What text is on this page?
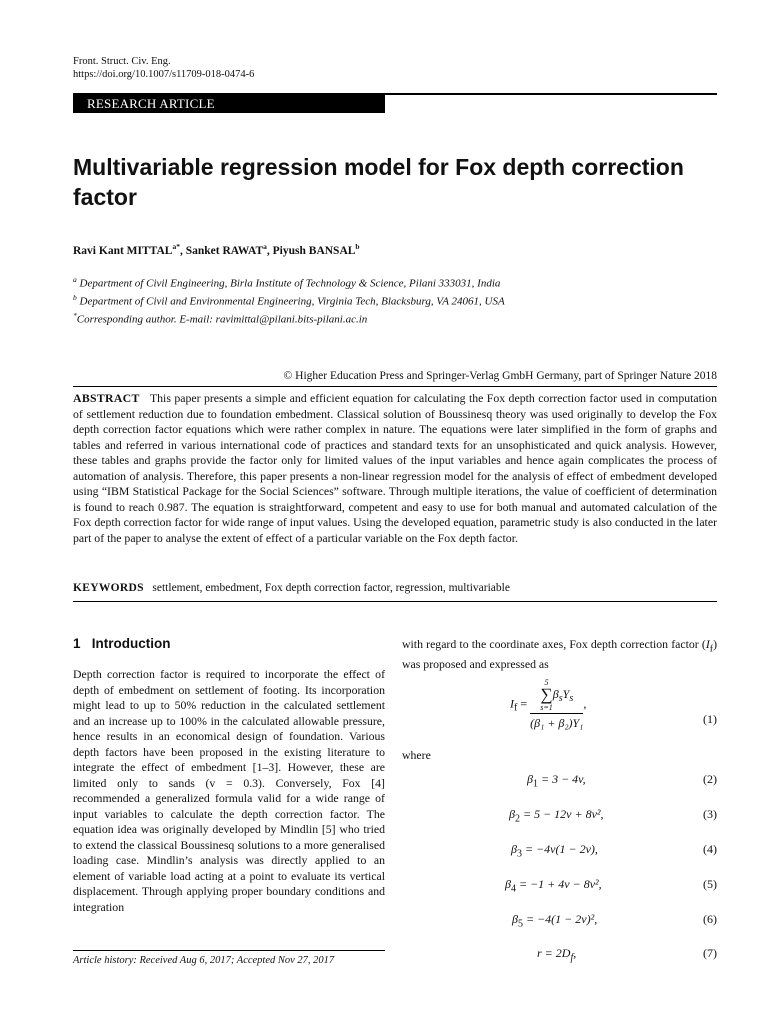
Front. Struct. Civ. Eng.
https://doi.org/10.1007/s11709-018-0474-6
RESEARCH ARTICLE
Multivariable regression model for Fox depth correction factor
Ravi Kant $MITTAL^{a*}$, Sanket RAWAT$^a$, Piyush BANSAL$^b$
$^a$ Department of Civil Engineering, Birla Institute of Technology & Science, Pilani 333031, India
$^b$ Department of Civil and Environmental Engineering, Virginia Tech, Blacksburg, VA 24061, USA
*Corresponding author. E-mail: ravimittal@pilani.bits-pilani.ac.in
© Higher Education Press and Springer-Verlag GmbH Germany, part of Springer Nature 2018
ABSTRACT This paper presents a simple and efficient equation for calculating the Fox depth correction factor used in computation of settlement reduction due to foundation embedment. Classical solution of Boussinesq theory was used originally to develop the Fox depth correction factor equations which were rather complex in nature. The equations were later simplified in the form of graphs and tables and referred in various international code of practices and standard texts for an unsophisticated and quick analysis. However, these tables and graphs provide the factor only for limited values of the input variables and hence again complicates the process of automation of analysis. Therefore, this paper presents a non-linear regression model for the analysis of effect of embedment developed using “IBM Statistical Package for the Social Sciences” software. Through multiple iterations, the value of coefficient of determination is found to reach 0.987. The equation is straightforward, competent and easy to use for both manual and automated calculation of the Fox depth correction factor for wide range of input values. Using the developed equation, parametric study is also conducted in the later part of the paper to analyse the extent of effect of a particular variable on the Fox depth factor.
KEYWORDS settlement, embedment, Fox depth correction factor, regression, multivariable
1 Introduction
Depth correction factor is required to incorporate the effect of depth of embedment on settlement of footing. Its incorporation might lead to up to 50% reduction in the calculated settlement and an increase up to 100% in the calculated allowable pressure, hence results in an economical design of foundation. Various depth factors have been proposed in the existing literature to integrate the effect of embedment [1–3]. However, these are limited only to sands (v = 0.3). Conversely, Fox [4] recommended a generalized formula valid for a wide range of input variables to calculate the depth correction factor. The equation idea was originally developed by Mindlin [5] who tried to extend the classical Boussinesq solutions to a more generalised loading case. Mindlin’s analysis was directly applied to an element of variable load acting at a point to evaluate its vertical displacement. Through applying proper boundary conditions and integration
with regard to the coordinate axes, Fox depth correction factor $(I_f)$ was proposed and expressed as
$I_f = 5$
∑
s=1
$\beta_sY_s$
(β₁ + β₂)Y₁ ,
(1)
where
$\beta_1 = 3 - 4v$,	(2)
$\beta_2 = 5 - 12v + 8v^2$,	(3)
$\beta_3 = -4v(1 - 2v)$,	(4)
$\beta_4 = -1 + 4v - 8v^2$,	(5)
$\beta_5 = -4(1 - 2v)^2$,	(6)
$r = 2D_f$,	(7)
Article history: Received Aug 6, 2017; Accepted Nov 27, 2017
